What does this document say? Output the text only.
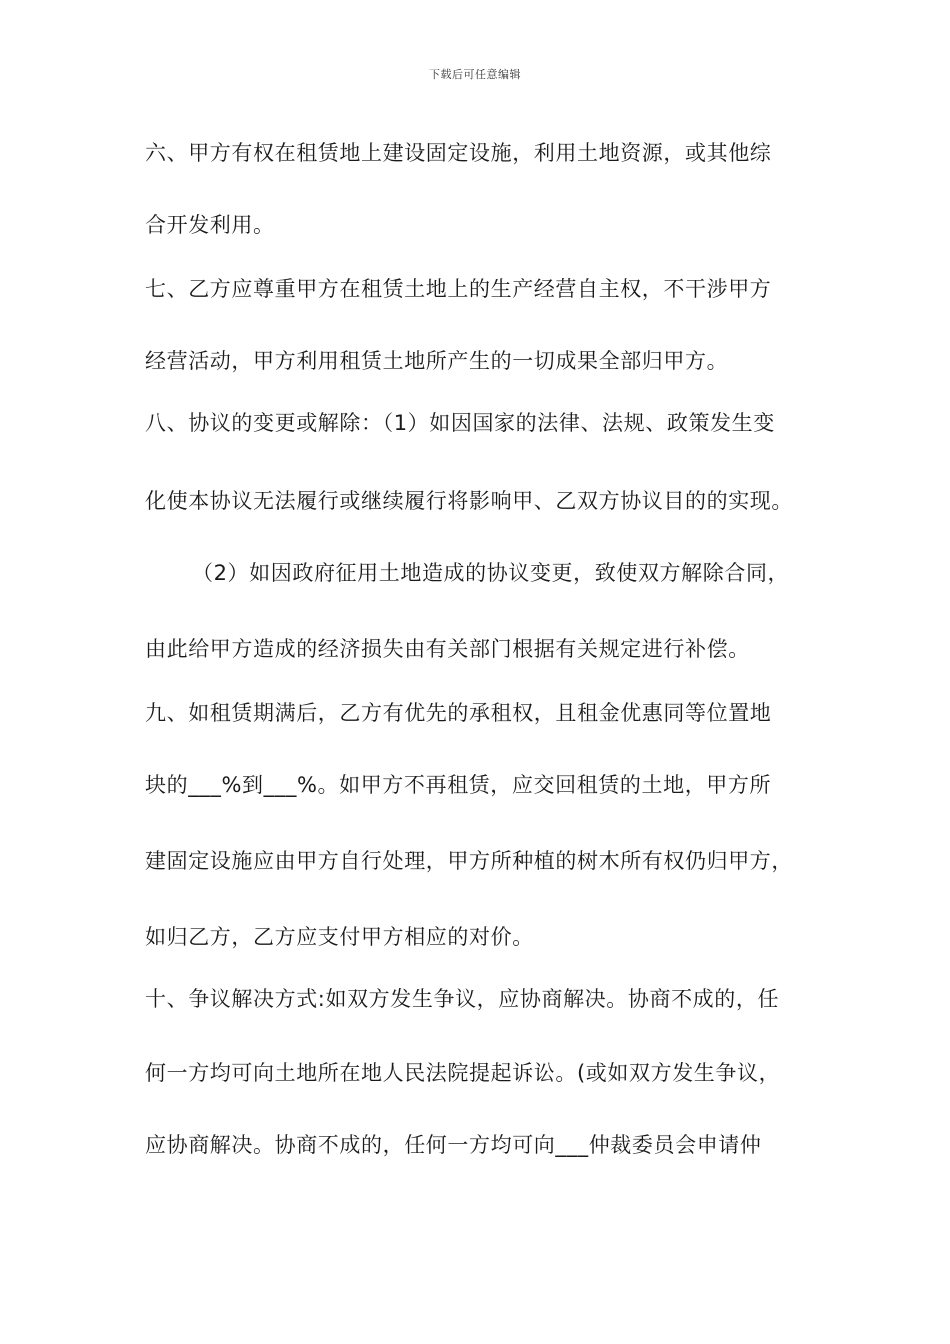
下载后可任意编辑
六、甲方有权在租赁地上建设固定设施，利用土地资源，或其他综
合开发利用。
七、乙方应尊重甲方在租赁土地上的生产经营自主权，不干涉甲方
经营活动，甲方利用租赁土地所产生的一切成果全部归甲方。
八、协议的变更或解除：（1）如因国家的法律、法规、政策发生变
化使本协议无法履行或继续履行将影响甲、乙双方协议目的的实现。
（2）如因政府征用土地造成的协议变更，致使双方解除合同，
由此给甲方造成的经济损失由有关部门根据有关规定进行补偿。
九、如租赁期满后，乙方有优先的承租权，且租金优惠同等位置地
块的___%到___%。如甲方不再租赁，应交回租赁的土地，甲方所
建固定设施应由甲方自行处理，甲方所种植的树木所有权仍归甲方，
如归乙方，乙方应支付甲方相应的对价。
十、争议解决方式:如双方发生争议，应协商解决。协商不成的，任
何一方均可向土地所在地人民法院提起诉讼。(或如双方发生争议，
应协商解决。协商不成的，任何一方均可向___仲裁委员会申请仲
